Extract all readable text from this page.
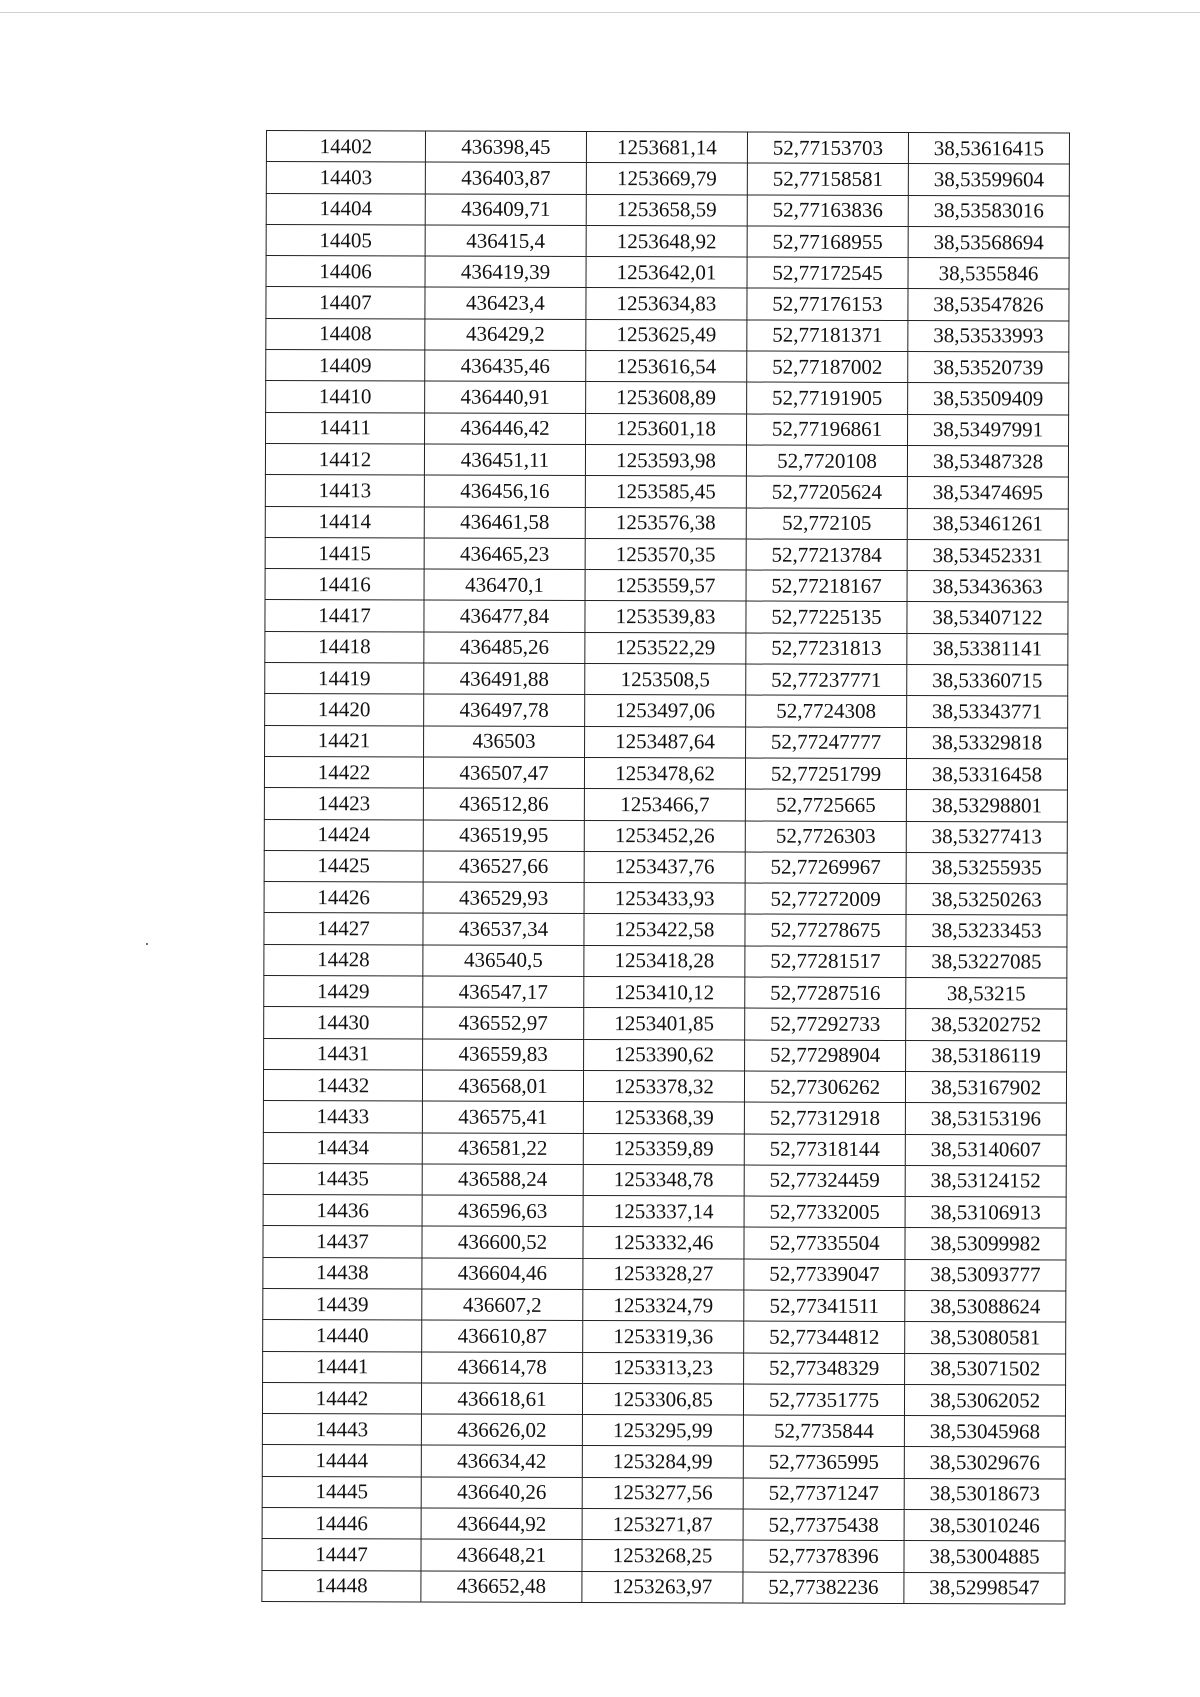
14402	436398,45	1253681,14	52,77153703	38,53616415
14403	436403,87	1253669,79	52,77158581	38,53599604
14404	436409,71	1253658,59	52,77163836	38,53583016
14405	436415,4	1253648,92	52,77168955	38,53568694
14406	436419,39	1253642,01	52,77172545	38,5355846
14407	436423,4	1253634,83	52,77176153	38,53547826
14408	436429,2	1253625,49	52,77181371	38,53533993
14409	436435,46	1253616,54	52,77187002	38,53520739
14410	436440,91	1253608,89	52,77191905	38,53509409
14411	436446,42	1253601,18	52,77196861	38,53497991
14412	436451,11	1253593,98	52,7720108	38,53487328
14413	436456,16	1253585,45	52,77205624	38,53474695
14414	436461,58	1253576,38	52,772105	38,53461261
14415	436465,23	1253570,35	52,77213784	38,53452331
14416	436470,1	1253559,57	52,77218167	38,53436363
14417	436477,84	1253539,83	52,77225135	38,53407122
14418	436485,26	1253522,29	52,77231813	38,53381141
14419	436491,88	1253508,5	52,77237771	38,53360715
14420	436497,78	1253497,06	52,7724308	38,53343771
14421	436503	1253487,64	52,77247777	38,53329818
14422	436507,47	1253478,62	52,77251799	38,53316458
14423	436512,86	1253466,7	52,7725665	38,53298801
14424	436519,95	1253452,26	52,7726303	38,53277413
14425	436527,66	1253437,76	52,77269967	38,53255935
14426	436529,93	1253433,93	52,77272009	38,53250263
14427	436537,34	1253422,58	52,77278675	38,53233453
14428	436540,5	1253418,28	52,77281517	38,53227085
14429	436547,17	1253410,12	52,77287516	38,53215
14430	436552,97	1253401,85	52,77292733	38,53202752
14431	436559,83	1253390,62	52,77298904	38,53186119
14432	436568,01	1253378,32	52,77306262	38,53167902
14433	436575,41	1253368,39	52,77312918	38,53153196
14434	436581,22	1253359,89	52,77318144	38,53140607
14435	436588,24	1253348,78	52,77324459	38,53124152
14436	436596,63	1253337,14	52,77332005	38,53106913
14437	436600,52	1253332,46	52,77335504	38,53099982
14438	436604,46	1253328,27	52,77339047	38,53093777
14439	436607,2	1253324,79	52,77341511	38,53088624
14440	436610,87	1253319,36	52,77344812	38,53080581
14441	436614,78	1253313,23	52,77348329	38,53071502
14442	436618,61	1253306,85	52,77351775	38,53062052
14443	436626,02	1253295,99	52,7735844	38,53045968
14444	436634,42	1253284,99	52,77365995	38,53029676
14445	436640,26	1253277,56	52,77371247	38,53018673
14446	436644,92	1253271,87	52,77375438	38,53010246
14447	436648,21	1253268,25	52,77378396	38,53004885
14448	436652,48	1253263,97	52,77382236	38,52998547
